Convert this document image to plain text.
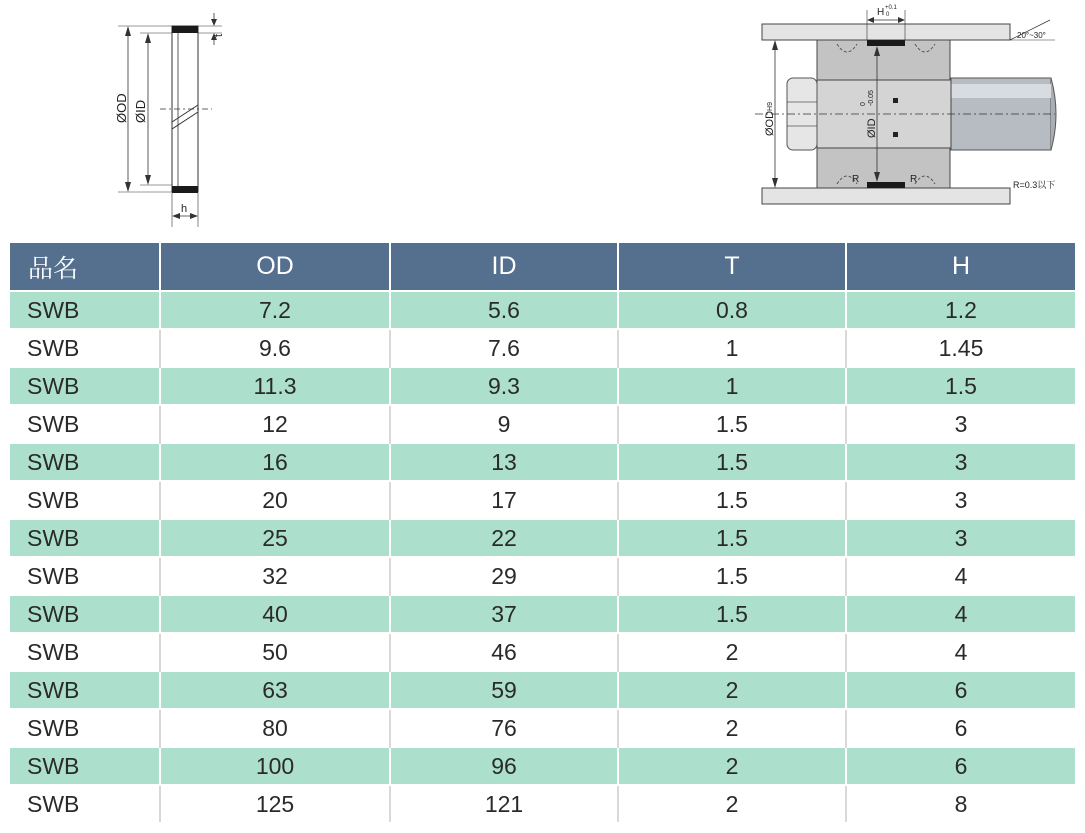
ØOD ØID
t
h
ØODH9
ØID
0 -0.05
H +0.1
0
20°~30°
R	R	R=0.3以下
品名	OD	ID	T	H
SWB	7.2	5.6	0.8	1.2
SWB	9.6	7.6	1	1.45
SWB	11.3	9.3	1	1.5
SWB	12	9	1.5	3
SWB	16	13	1.5	3
SWB	20	17	1.5	3
SWB	25	22	1.5	3
SWB	32	29	1.5	4
SWB	40	37	1.5	4
SWB	50	46	2	4
SWB	63	59	2	6
SWB	80	76	2	6
SWB	100	96	2	6
SWB	125	121	2	8
